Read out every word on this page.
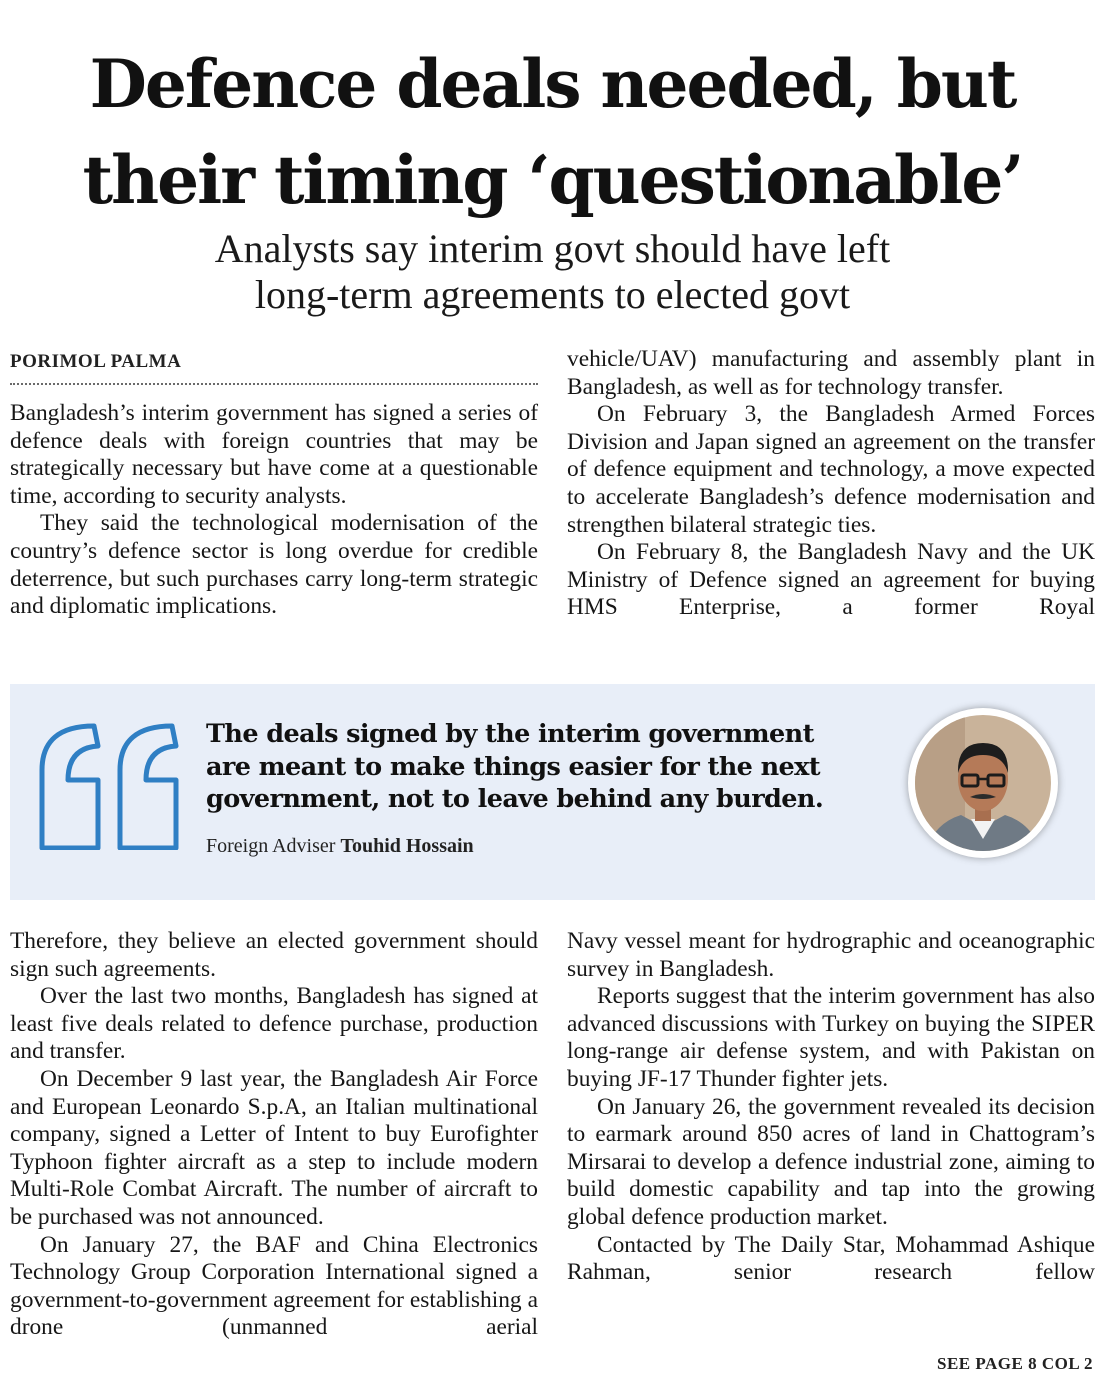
Defence deals needed, but
their timing ‘questionable’
Analysts say interim govt should have left
long-term agreements to elected govt
PORIMOL PALMA

Bangladesh’s interim government has signed a series of defence deals with foreign countries that may be strategically necessary but have come at a questionable time, according to security analysts.

They said the technological modernisation of the country’s defence sector is long overdue for credible deterrence, but such purchases carry long-term strategic and diplomatic implications.

vehicle/UAV) manufacturing and assembly plant in Bangladesh, as well as for technology transfer.

On February 3, the Bangladesh Armed Forces Division and Japan signed an agreement on the transfer of defence equipment and technology, a move expected to accelerate Bangladesh’s defence modernisation and strengthen bilateral strategic ties.

On February 8, the Bangladesh Navy and the UK Ministry of Defence signed an agreement for buying HMS Enterprise, a former Royal

The deals signed by the interim government
are meant to make things easier for the next
government, not to leave behind any burden.
Foreign Adviser Touhid Hossain

Therefore, they believe an elected government should sign such agreements.

Over the last two months, Bangladesh has signed at least five deals related to defence purchase, production and transfer.

On December 9 last year, the Bangladesh Air Force and European Leonardo S.p.A, an Italian multinational company, signed a Letter of Intent to buy Eurofighter Typhoon fighter aircraft as a step to include modern Multi-Role Combat Aircraft. The number of aircraft to be purchased was not announced.

On January 27, the BAF and China Electronics Technology Group Corporation International signed a government-to-government agreement for establishing a drone (unmanned aerial

Navy vessel meant for hydrographic and oceanographic survey in Bangladesh.

Reports suggest that the interim government has also advanced discussions with Turkey on buying the SIPER long-range air defense system, and with Pakistan on buying JF-17 Thunder fighter jets.

On January 26, the government revealed its decision to earmark around 850 acres of land in Chattogram’s Mirsarai to develop a defence industrial zone, aiming to build domestic capability and tap into the growing global defence production market.

Contacted by The Daily Star, Mohammad Ashique Rahman, senior research fellow

SEE PAGE 8 COL 2
